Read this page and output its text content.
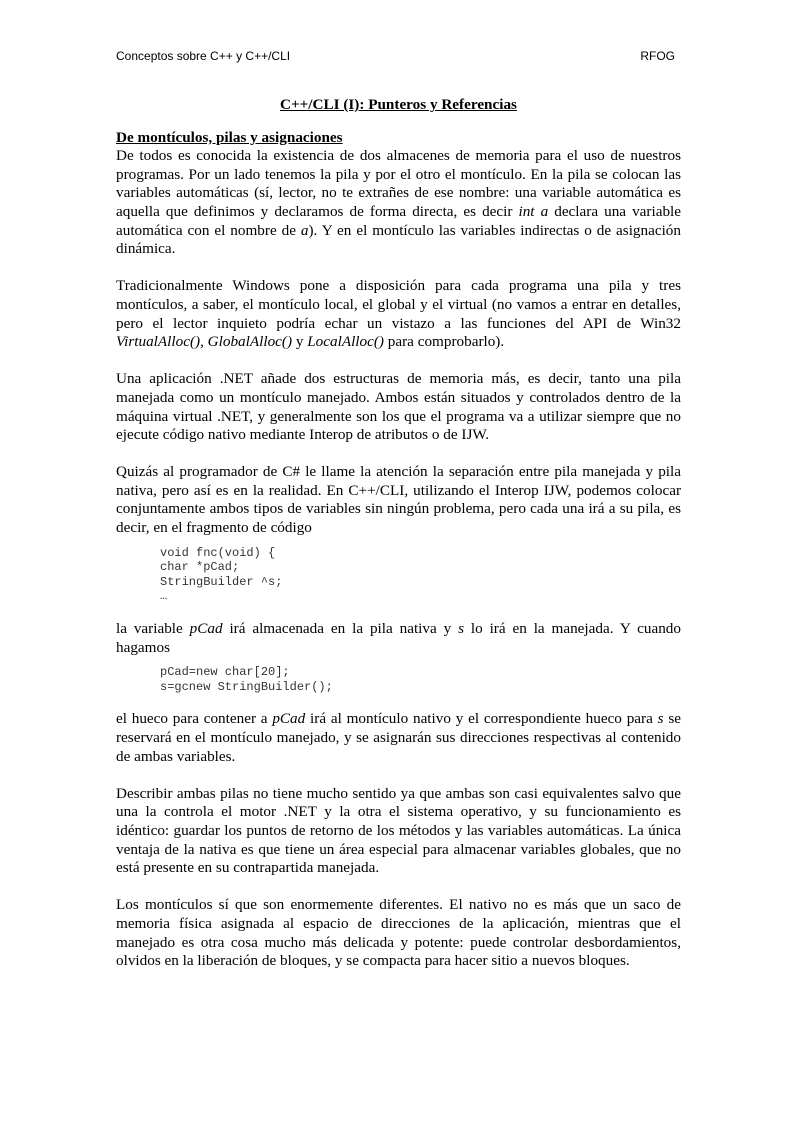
Conceptos sobre C++ y C++/CLI	RFOG
C++/CLI (I): Punteros y Referencias
De montículos, pilas y asignaciones

De todos es conocida la existencia de dos almacenes de memoria para el uso de nuestros programas. Por un lado tenemos la pila y por el otro el montículo. En la pila se colocan las variables automáticas (sí, lector, no te extrañes de ese nombre: una variable automática es aquella que definimos y declaramos de forma directa, es decir int a declara una variable automática con el nombre de a). Y en el montículo las variables indirectas o de asignación dinámica.

Tradicionalmente Windows pone a disposición para cada programa una pila y tres montículos, a saber, el montículo local, el global y el virtual (no vamos a entrar en detalles, pero el lector inquieto podría echar un vistazo a las funciones del API de Win32 VirtualAlloc(), GlobalAlloc() y LocalAlloc() para comprobarlo).

Una aplicación .NET añade dos estructuras de memoria más, es decir, tanto una pila manejada como un montículo manejado. Ambos están situados y controlados dentro de la máquina virtual .NET, y generalmente son los que el programa va a utilizar siempre que no ejecute código nativo mediante Interop de atributos o de IJW.

Quizás al programador de C# le llame la atención la separación entre pila manejada y pila nativa, pero así es en la realidad. En C++/CLI, utilizando el Interop IJW, podemos colocar conjuntamente ambos tipos de variables sin ningún problema, pero cada una irá a su pila, es decir, en el fragmento de código

void fnc(void) {
char *pCad;
StringBuilder ^s;
…

la variable pCad irá almacenada en la pila nativa y s lo irá en la manejada. Y cuando hagamos

pCad=new char[20];
s=gcnew StringBuilder();

el hueco para contener a pCad irá al montículo nativo y el correspondiente hueco para s se reservará en el montículo manejado, y se asignarán sus direcciones respectivas al contenido de ambas variables.

Describir ambas pilas no tiene mucho sentido ya que ambas son casi equivalentes salvo que una la controla el motor .NET y la otra el sistema operativo, y su funcionamiento es idéntico: guardar los puntos de retorno de los métodos y las variables automáticas. La única ventaja de la nativa es que tiene un área especial para almacenar variables globales, que no está presente en su contrapartida manejada.

Los montículos sí que son enormemente diferentes. El nativo no es más que un saco de memoria física asignada al espacio de direcciones de la aplicación, mientras que el manejado es otra cosa mucho más delicada y potente: puede controlar desbordamientos, olvidos en la liberación de bloques, y se compacta para hacer sitio a nuevos bloques.
